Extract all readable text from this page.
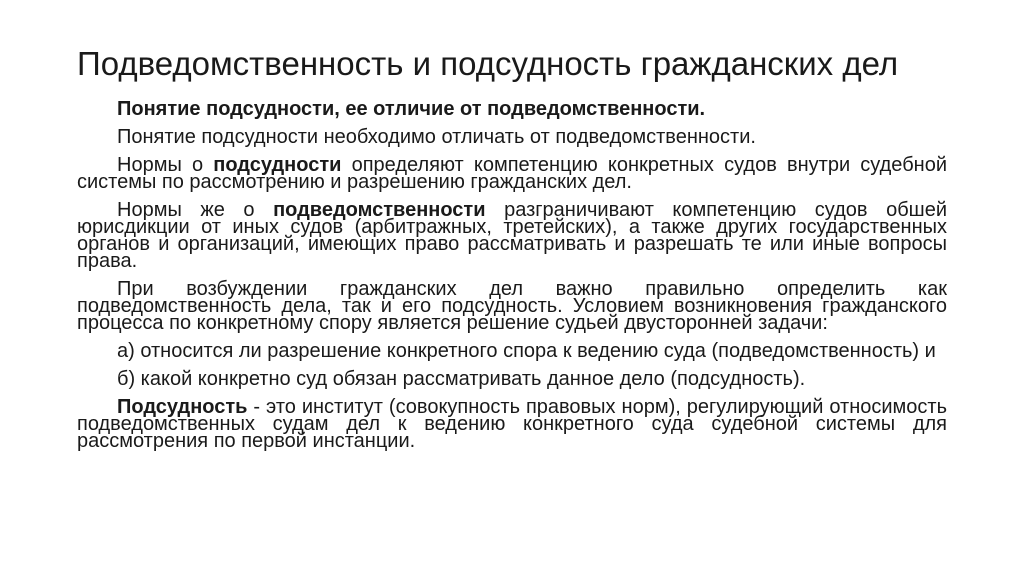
Подведомственность и подсудность гражданских дел

Понятие подсудности, ее отличие от подведомственности.

Понятие подсудности необходимо отличать от подведомственности.

Нормы о подсудности определяют компетенцию конкретных судов внутри судебной системы по рассмотрению и разрешению гражданских дел.

Нормы же о подведомственности разграничивают компетенцию судов обшей юрисдикции от иных судов (арбитражных, третейских), а также других государственных органов и организаций, имеющих право рассматривать и разрешать те или иные вопросы права.

При возбуждении гражданских дел важно правильно определить как подведомственность дела, так и его подсудность. Условием возникновения гражданского процесса по конкретному спору является решение судьей двусторонней задачи:

а) относится ли разрешение конкретного спора к ведению суда (подведомственность) и

б) какой конкретно суд обязан рассматривать данное дело (подсудность).

Подсудность - это институт (совокупность правовых норм), регулирующий относимость подведомственных судам дел к ведению конкретного суда судебной системы для рассмотрения по первой инстанции.
